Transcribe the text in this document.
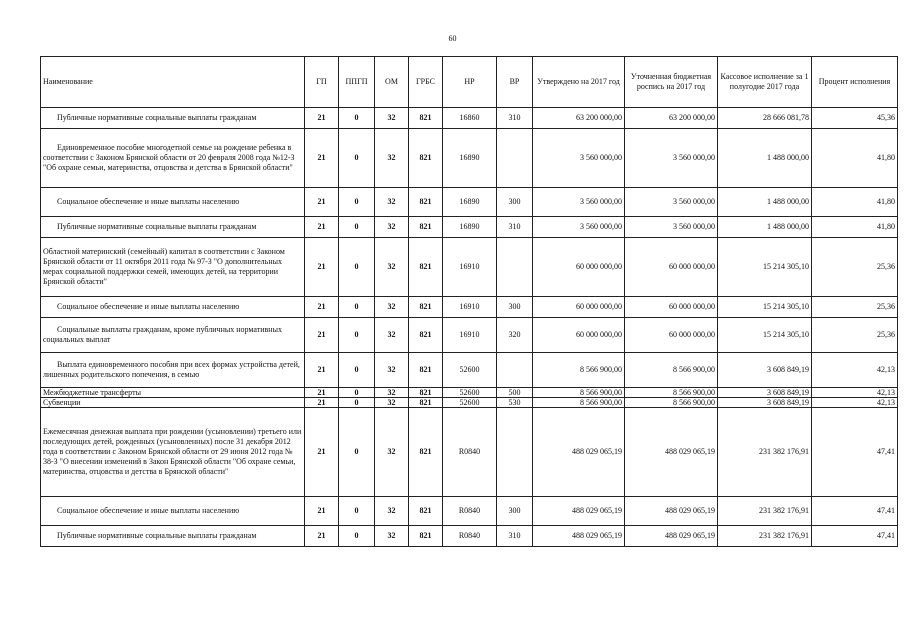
60
Наименование	ГП	ППГП	ОМ	ГРБС	НР	ВР	Утверждено на 2017 год	Уточненная бюджетная роспись на 2017 год	Кассовое исполнение за 1 полугодие 2017 года	Процент исполнения
Публичные нормативные социальные выплаты гражданам	21	0	32	821	16860	310	63 200 000,00	63 200 000,00	28 666 081,78	45,36
Единовременное пособие многодетной семье на рождение ребенка в соответствии с Законом Брянской области от 20 февраля 2008 года №12-З "Об охране семьи, материнства, отцовства и детства в Брянской области"	21	0	32	821	16890		3 560 000,00	3 560 000,00	1 488 000,00	41,80
Социальное обеспечение и иные выплаты населению	21	0	32	821	16890	300	3 560 000,00	3 560 000,00	1 488 000,00	41,80
Публичные нормативные социальные выплаты гражданам	21	0	32	821	16890	310	3 560 000,00	3 560 000,00	1 488 000,00	41,80
Областной материнский (семейный) капитал в соответствии с Законом Брянской области от 11 октября 2011 года № 97-З "О дополнительных мерах социальной поддержки семей, имеющих детей, на территории Брянской области"	21	0	32	821	16910		60 000 000,00	60 000 000,00	15 214 305,10	25,36
Социальное обеспечение и иные выплаты населению	21	0	32	821	16910	300	60 000 000,00	60 000 000,00	15 214 305,10	25,36
Социальные выплаты гражданам, кроме публичных нормативных социальных выплат	21	0	32	821	16910	320	60 000 000,00	60 000 000,00	15 214 305,10	25,36
Выплата единовременного пособия при всех формах устройства детей, лишенных родительского попечения, в семью	21	0	32	821	52600		8 566 900,00	8 566 900,00	3 608 849,19	42,13
Межбюджетные трансферты	21	0	32	821	52600	500	8 566 900,00	8 566 900,00	3 608 849,19	42,13
Субвенции	21	0	32	821	52600	530	8 566 900,00	8 566 900,00	3 608 849,19	42,13
Ежемесячная денежная выплата при рождении (усыновлении) третьего или последующих детей, рожденных (усыновленных) после 31 декабря 2012 года в соответствии с Законом Брянской области от 29 июня 2012 года № 38-З "О внесении изменений в Закон Брянской области "Об охране семьи, материнства, отцовства и детства в Брянской области"	21	0	32	821	R0840		488 029 065,19	488 029 065,19	231 382 176,91	47,41
Социальное обеспечение и иные выплаты населению	21	0	32	821	R0840	300	488 029 065,19	488 029 065,19	231 382 176,91	47,41
Публичные нормативные социальные выплаты гражданам	21	0	32	821	R0840	310	488 029 065,19	488 029 065,19	231 382 176,91	47,41
